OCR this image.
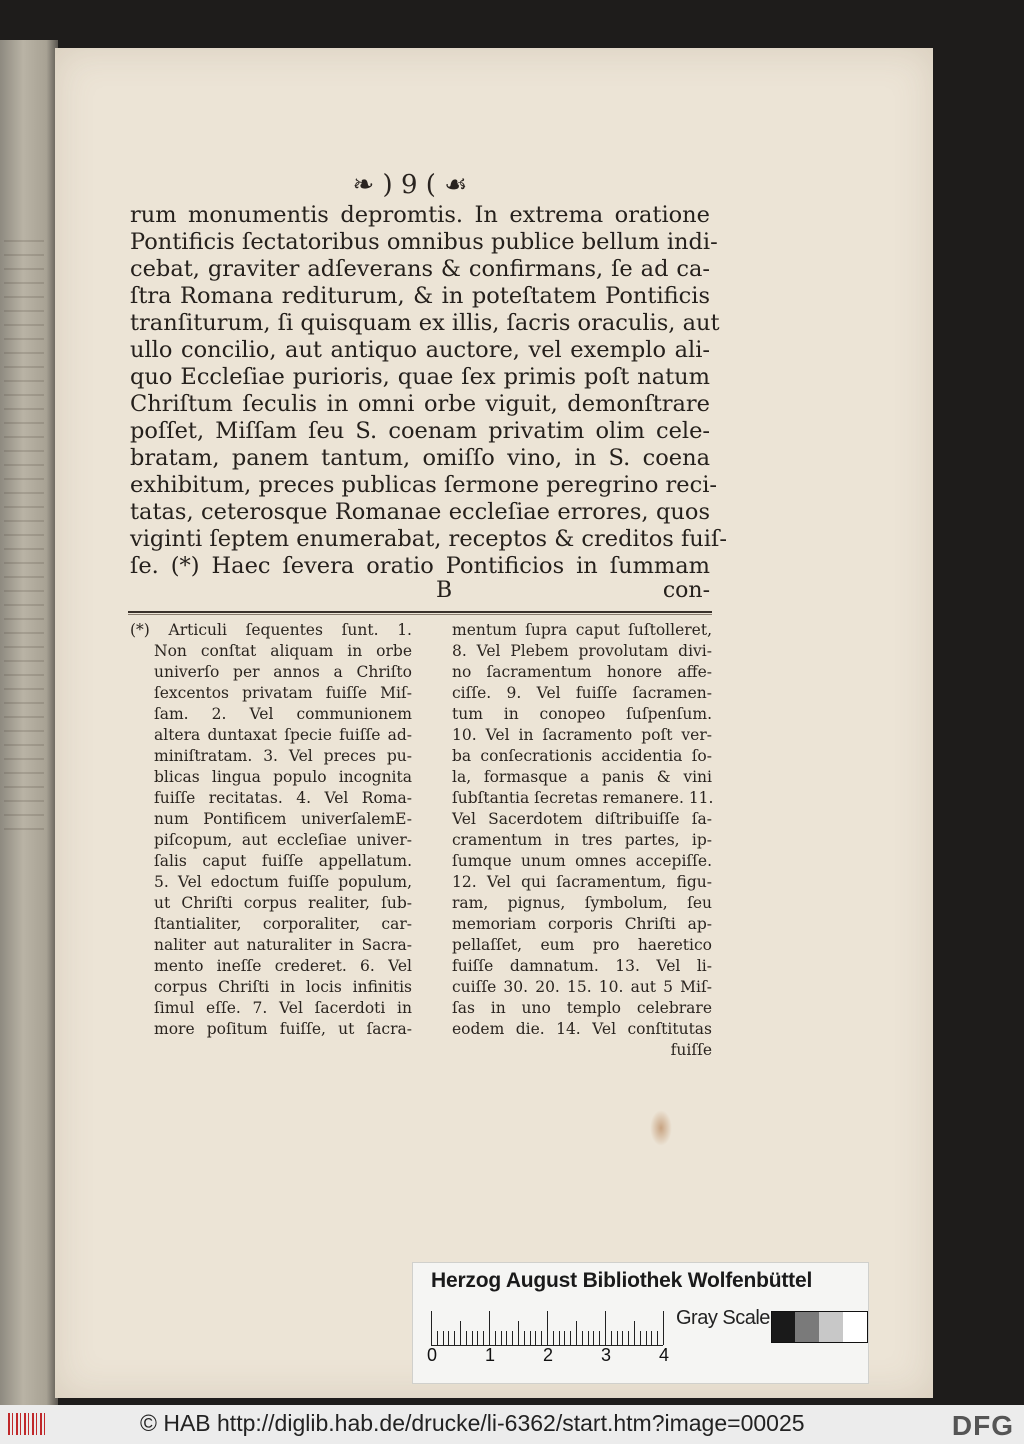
❧ ) 9 ( ☙
rum monumentis depromtis. In extrema oratione
Pontificis ſectatoribus omnibus publice bellum indi-
cebat, graviter adſeverans & confirmans, ſe ad ca-
ſtra Romana rediturum, & in poteſtatem Pontificis
tranſiturum, ſi quisquam ex illis, ſacris oraculis, aut
ullo concilio, aut antiquo auctore, vel exemplo ali-
quo Eccleſiae purioris, quae ſex primis poſt natum
Chriſtum ſeculis in omni orbe viguit, demonſtrare
poſſet, Miſſam ſeu S. coenam privatim olim cele-
bratam, panem tantum, omiſſo vino, in S. coena
exhibitum, preces publicas ſermone peregrino reci-
tatas, ceterosque Romanae eccleſiae errores, quos
viginti ſeptem enumerabat, receptos & creditos fuiſ-
ſe. (*) Haec ſevera oratio Pontificios in ſummam
B	con-
(*) Articuli ſequentes ſunt. 1.
Non conſtat aliquam in orbe
univerſo per annos a Chriſto
ſexcentos privatam fuiſſe Miſ-
ſam. 2. Vel communionem
altera duntaxat ſpecie fuiſſe ad-
miniſtratam. 3. Vel preces pu-
blicas lingua populo incognita
fuiſſe recitatas. 4. Vel Roma-
num Pontificem univerſalemE-
piſcopum, aut eccleſiae univer-
ſalis caput fuiſſe appellatum.
5. Vel edoctum fuiſſe populum,
ut Chriſti corpus realiter, ſub-
ſtantialiter, corporaliter, car-
naliter aut naturaliter in Sacra-
mento ineſſe crederet. 6. Vel
corpus Chriſti in locis infinitis
ſimul eſſe. 7. Vel ſacerdoti in
more poſitum fuiſſe, ut ſacra-
mentum ſupra caput ſuſtolleret,
8. Vel Plebem provolutam divi-
no ſacramentum honore affe-
ciſſe. 9. Vel fuiſſe ſacramen-
tum in conopeo ſuſpenſum.
10. Vel in ſacramento poſt ver-
ba conſecrationis accidentia ſo-
la, formasque a panis & vini
ſubſtantia ſecretas remanere. 11.
Vel Sacerdotem diſtribuiſſe ſa-
cramentum in tres partes, ip-
ſumque unum omnes accepiſſe.
12. Vel qui ſacramentum, figu-
ram, pignus, ſymbolum, ſeu
memoriam corporis Chriſti ap-
pellaſſet, eum pro haeretico
fuiſſe damnatum. 13. Vel li-
cuiſſe 30. 20. 15. 10. aut 5 Miſ-
ſas in uno templo celebrare
eodem die. 14. Vel conſtitutas
fuiſſe
Herzog August Bibliothek Wolfenbüttel
0	1	2	3	4
Gray Scale
© HAB http://diglib.hab.de/drucke/li-6362/start.htm?image=00025	DFG
